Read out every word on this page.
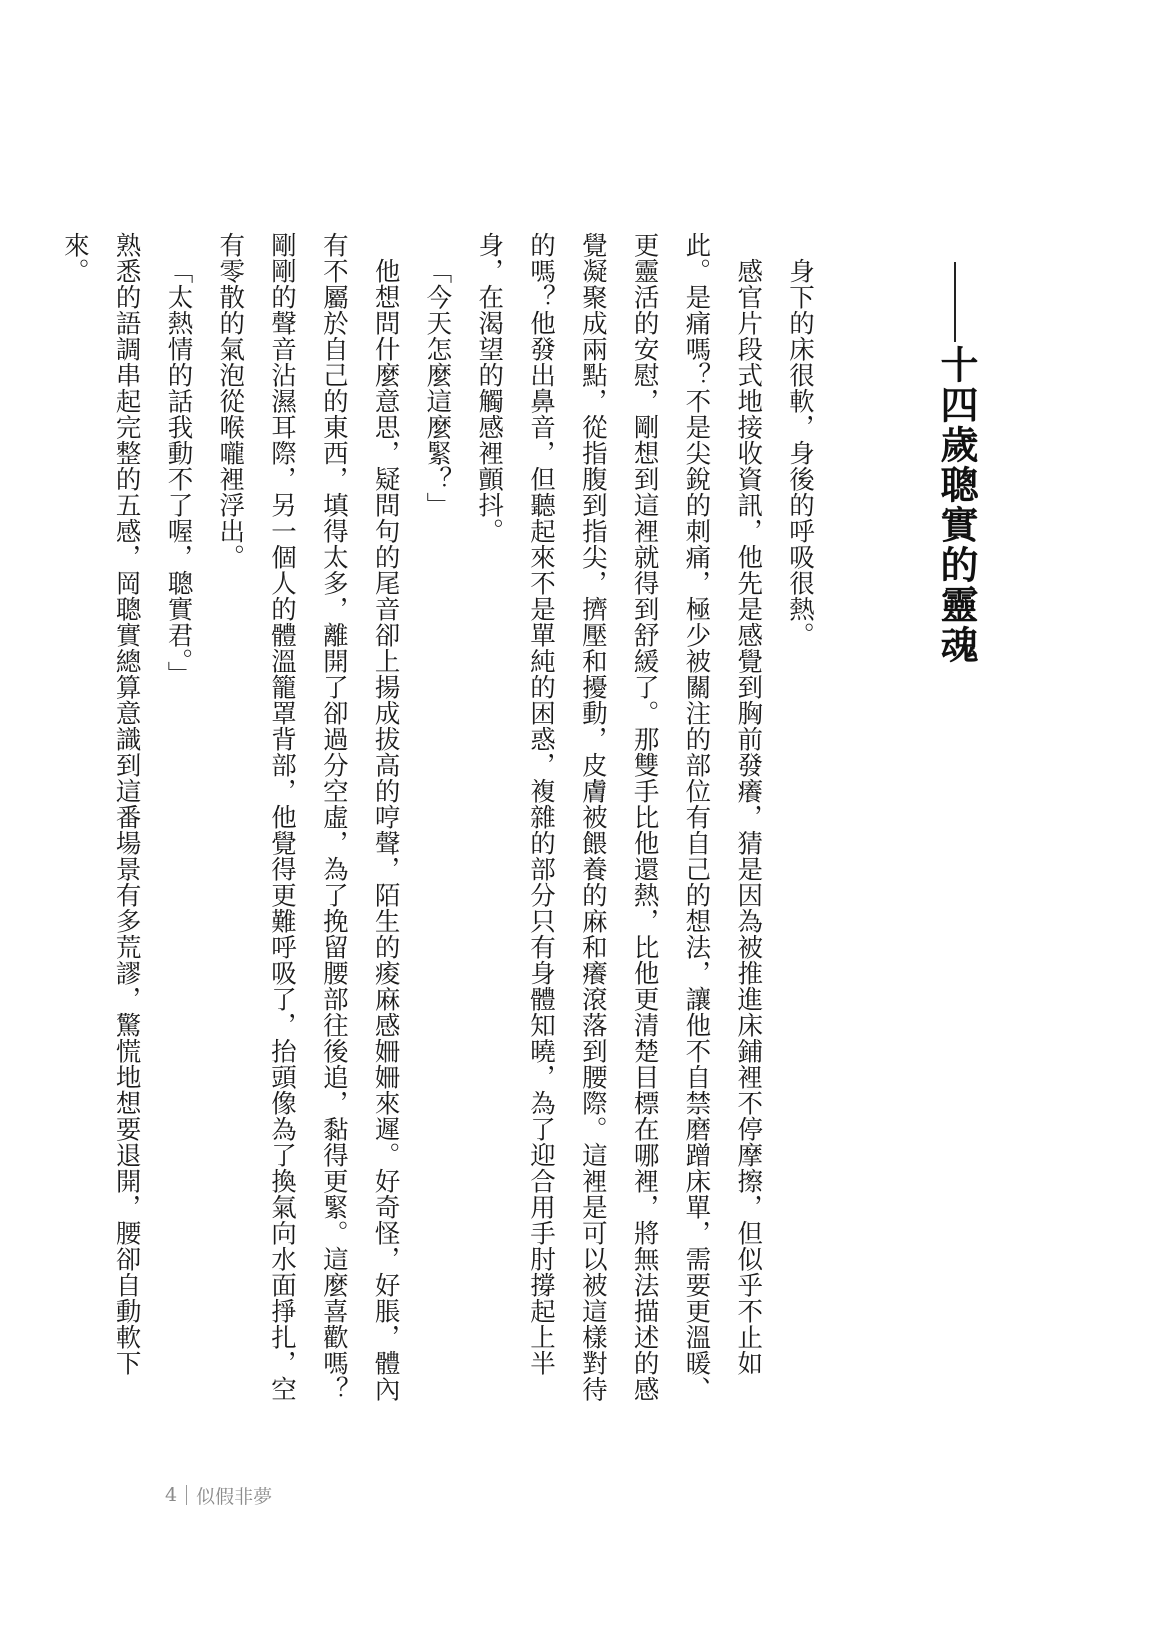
十四歲聰實的靈魂

身下的床很軟，身後的呼吸很熱。

感官片段式地接收資訊，他先是感覺到胸前發癢，猜是因為被推進床鋪裡不停摩擦，但似乎不止如此。是痛嗎？不是尖銳的刺痛，極少被關注的部位有自己的想法，讓他不自禁磨蹭床單，需要更溫暖、更靈活的安慰，剛想到這裡就得到舒緩了。那雙手比他還熱，比他更清楚目標在哪裡，將無法描述的感覺凝聚成兩點，從指腹到指尖，擠壓和擾動，皮膚被餵養的麻和癢滾落到腰際。這裡是可以被這樣對待的嗎？他發出鼻音，但聽起來不是單純的困惑，複雜的部分只有身體知曉，為了迎合用手肘撐起上半身，在渴望的觸感裡顫抖。

「今天怎麼這麼緊？」

他想問什麼意思，疑問句的尾音卻上揚成拔高的哼聲，陌生的痠麻感姍姍來遲。好奇怪，好脹，體內有不屬於自己的東西，填得太多，離開了卻過分空虛，為了挽留腰部往後追，黏得更緊。這麼喜歡嗎？剛剛的聲音沾濕耳際，另一個人的體溫籠罩背部，他覺得更難呼吸了，抬頭像為了換氣向水面掙扎，空有零散的氣泡從喉嚨裡浮出。

「太熱情的話我動不了喔，聰實君。」

熟悉的語調串起完整的五感，岡聰實總算意識到這番場景有多荒謬，驚慌地想要退開，腰卻自動軟下來。

4 似假非夢
